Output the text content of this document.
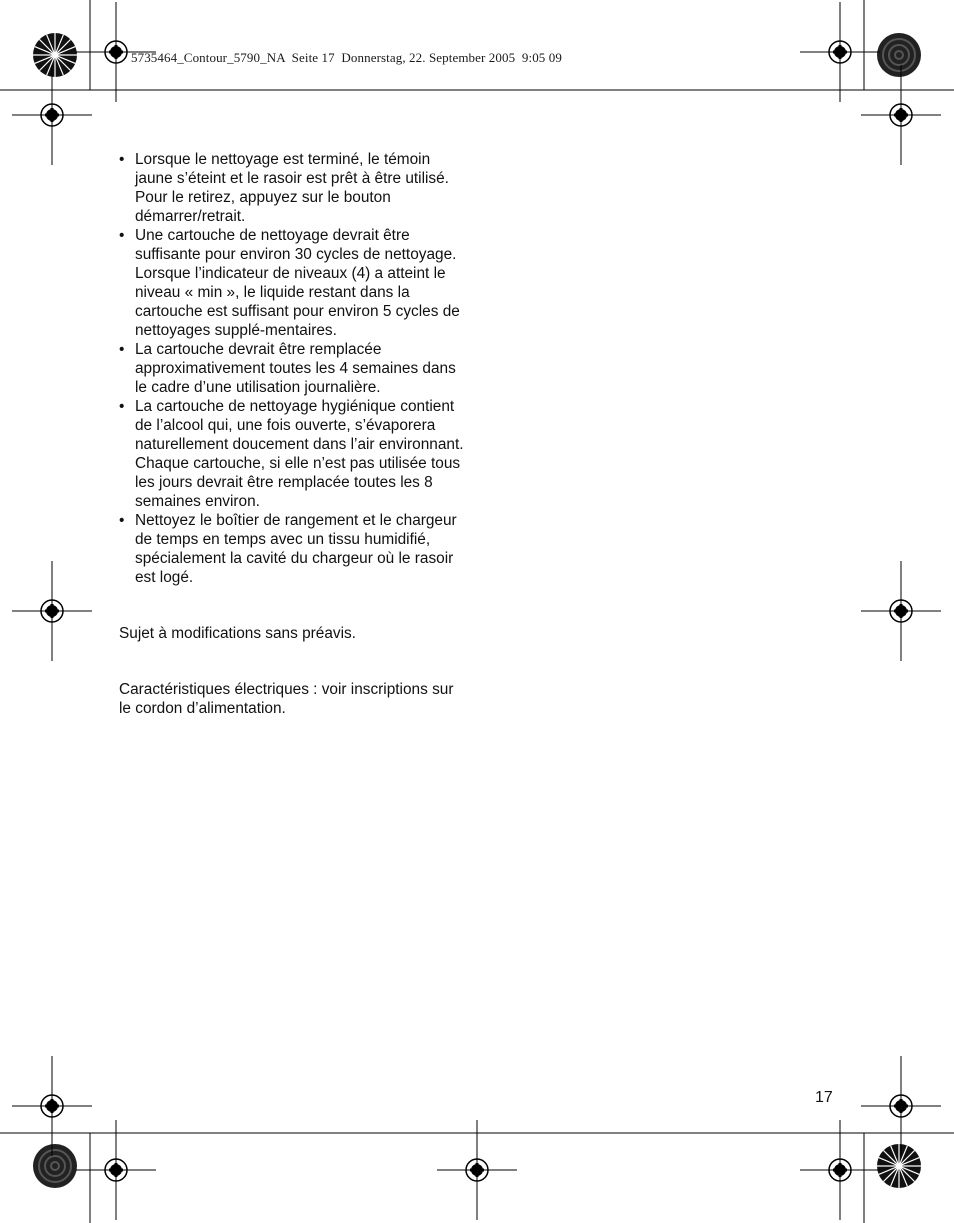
5735464_Contour_5790_NA  Seite 17  Donnerstag, 22. September 2005  9:05 09
• Lorsque le nettoyage est terminé, le témoin jaune s’éteint et le rasoir est prêt à être utilisé. Pour le retirez, appuyez sur le bouton démarrer/retrait.
• Une cartouche de nettoyage devrait être suffisante pour environ 30 cycles de nettoyage. Lorsque l’indicateur de niveaux (4) a atteint le niveau « min », le liquide restant dans la cartouche est suffisant pour environ 5 cycles de nettoyages supplé-mentaires.
• La cartouche devrait être remplacée approximativement toutes les 4 semaines dans le cadre d’une utilisation journalière.
• La cartouche de nettoyage hygiénique contient de l’alcool qui, une fois ouverte, s’évaporera naturellement doucement dans l’air environnant. Chaque cartouche, si elle n’est pas utilisée tous les jours devrait être remplacée toutes les 8 semaines environ.
• Nettoyez le boîtier de rangement et le chargeur de temps en temps avec un tissu humidifié, spécialement la cavité du chargeur où le rasoir est logé.

Sujet à modifications sans préavis.

Caractéristiques électriques : voir inscriptions sur le cordon d’alimentation.

17
